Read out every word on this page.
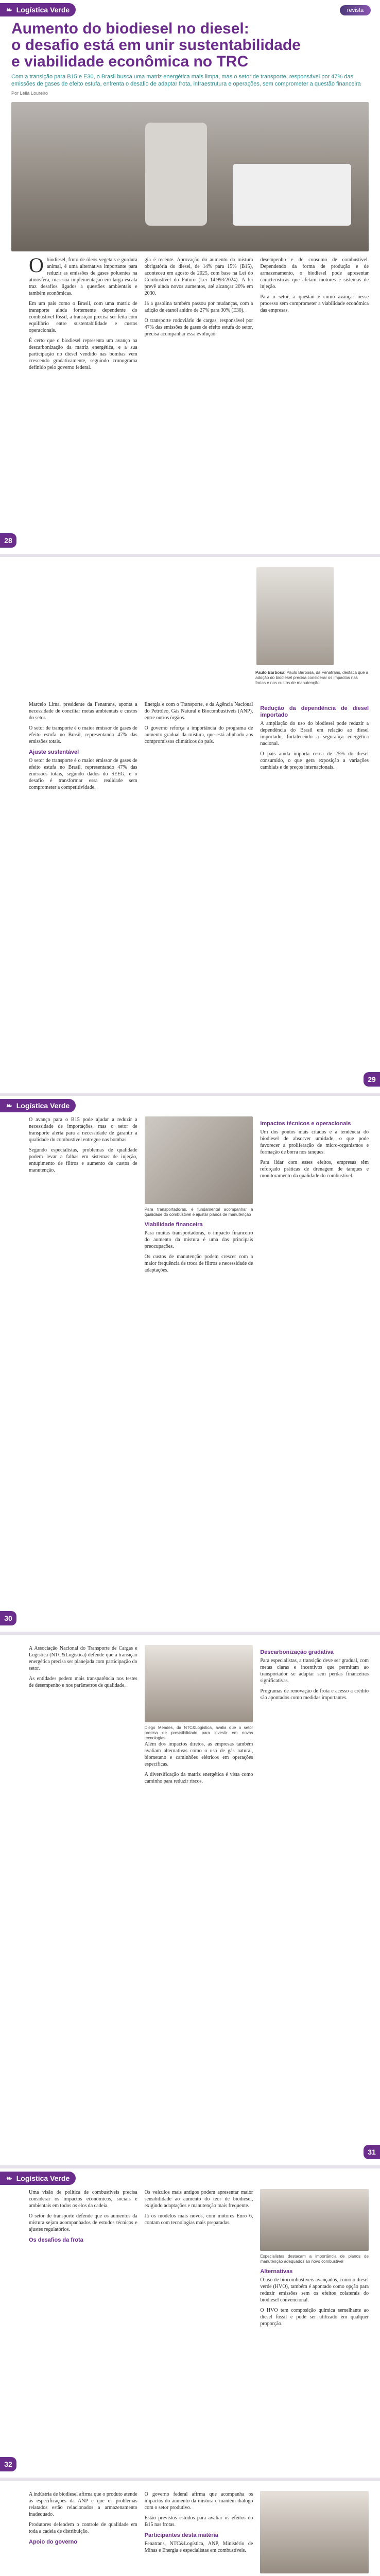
❧ Logística Verde	revista
Aumento do biodiesel no diesel:
o desafio está em unir sustentabilidade
e viabilidade econômica no TRC
Com a transição para B15 e E30, o Brasil busca uma matriz energética mais limpa, mas o setor de transporte, responsável por 47% das emissões de gases de efeito estufa, enfrenta o desafio de adaptar frota, infraestrutura e operações, sem comprometer a questão financeira
Por Leila Loureiro

Obiodiesel, fruto de óleos vegetais e gordura animal, é uma alternativa importante para reduzir as emissões de gases poluentes na atmosfera, mas sua implementação em larga escala traz desafios ligados a questões ambientais e também econômicas.

Em um país como o Brasil, com uma matriz de transporte ainda fortemente dependente do combustível fóssil, a transição precisa ser feita com equilíbrio entre sustentabilidade e custos operacionais.

É certo que o biodiesel representa um avanço na descarbonização da matriz energética, e a sua participação no diesel vendido nas bombas vem crescendo gradativamente, seguindo cronograma definido pelo governo federal.

gia é recente. Aprovação do aumento da mistura obrigatória do diesel, de 14% para 15% (B15), aconteceu em agosto de 2025, com base na Lei do Combustível do Futuro (Lei 14.993/2024). A lei prevê ainda novos aumentos, até alcançar 20% em 2030.

Já a gasolina também passou por mudanças, com a adição de etanol anidro de 27% para 30% (E30).

O transporte rodoviário de cargas, responsável por 47% das emissões de gases de efeito estufa do setor, precisa acompanhar essa evolução.

desempenho e de consumo de combustível. Dependendo da forma de produção e de armazenamento, o biodiesel pode apresentar características que afetam motores e sistemas de injeção.

Para o setor, a questão é como avançar nesse processo sem comprometer a viabilidade econômica das empresas.

28
Paulo Barbosa: Paulo Barbosa, da Fenatrans, destaca que a adoção do biodiesel precisa considerar os impactos nas frotas e nos custos de manutenção.

Marcelo Lima, presidente da Fenatrans, aponta a necessidade de conciliar metas ambientais e custos do setor.

O setor de transporte é o maior emissor de gases de efeito estufa no Brasil, representando 47% das emissões totais.

Ajuste sustentável

O setor de transporte é o maior emissor de gases de efeito estufa no Brasil, representando 47% das emissões totais, segundo dados do SEEG, e o desafio é transformar essa realidade sem comprometer a competitividade.

Energia e com o Transporte, e da Agência Nacional do Petróleo, Gás Natural e Biocombustíveis (ANP), entre outros órgãos.

O governo reforça a importância do programa de aumento gradual da mistura, que está alinhado aos compromissos climáticos do país.

Redução da dependência de diesel importado

A ampliação do uso do biodiesel pode reduzir a dependência do Brasil em relação ao diesel importado, fortalecendo a segurança energética nacional.

O país ainda importa cerca de 25% do diesel consumido, o que gera exposição a variações cambiais e de preços internacionais.

29
❧ Logística Verde

O avanço para o B15 pode ajudar a reduzir a necessidade de importações, mas o setor de transporte alerta para a necessidade de garantir a qualidade do combustível entregue nas bombas.

Segundo especialistas, problemas de qualidade podem levar a falhas em sistemas de injeção, entupimento de filtros e aumento de custos de manutenção.

Para transportadoras, é fundamental acompanhar a qualidade do combustível e ajustar planos de manutenção
Viabilidade financeira

Para muitas transportadoras, o impacto financeiro do aumento da mistura é uma das principais preocupações.

Os custos de manutenção podem crescer com a maior frequência de troca de filtros e necessidade de adaptações.

Impactos técnicos e operacionais

Um dos pontos mais citados é a tendência do biodiesel de absorver umidade, o que pode favorecer a proliferação de micro-organismos e formação de borra nos tanques.

Para lidar com esses efeitos, empresas têm reforçado práticas de drenagem de tanques e monitoramento da qualidade do combustível.

30

A Associação Nacional do Transporte de Cargas e Logística (NTC&Logística) defende que a transição energética precisa ser planejada com participação do setor.

As entidades pedem mais transparência nos testes de desempenho e nos parâmetros de qualidade.

Diego Mendes, da NTC&Logística, avalia que o setor precisa de previsibilidade para investir em novas tecnologias

Além dos impactos diretos, as empresas também avaliam alternativas como o uso de gás natural, biometano e caminhões elétricos em operações específicas.

A diversificação da matriz energética é vista como caminho para reduzir riscos.

Descarbonização gradativa

Para especialistas, a transição deve ser gradual, com metas claras e incentivos que permitam ao transportador se adaptar sem perdas financeiras significativas.

Programas de renovação de frota e acesso a crédito são apontados como medidas importantes.

31
❧ Logística Verde

Uma visão de política de combustíveis precisa considerar os impactos econômicos, sociais e ambientais em todos os elos da cadeia.

O setor de transporte defende que os aumentos da mistura sejam acompanhados de estudos técnicos e ajustes regulatórios.

Os desafios da frota

Os veículos mais antigos podem apresentar maior sensibilidade ao aumento do teor de biodiesel, exigindo adaptações e manutenção mais frequente.

Já os modelos mais novos, com motores Euro 6, contam com tecnologias mais preparadas.

Especialistas destacam a importância de planos de manutenção adequados ao novo combustível
Alternativas

O uso de biocombustíveis avançados, como o diesel verde (HVO), também é apontado como opção para reduzir emissões sem os efeitos colaterais do biodiesel convencional.

O HVO tem composição química semelhante ao diesel fóssil e pode ser utilizado em qualquer proporção.

32

A indústria de biodiesel afirma que o produto atende às especificações da ANP e que os problemas relatados estão relacionados a armazenamento inadequado.

Produtores defendem o controle de qualidade em toda a cadeia de distribuição.

Apoio do governo

O governo federal afirma que acompanha os impactos do aumento da mistura e mantém diálogo com o setor produtivo.

Estão previstos estudos para avaliar os efeitos do B15 nas frotas.

Participantes desta matéria

Fenatrans, NTC&Logística, ANP, Ministério de Minas e Energia e especialistas em combustíveis.
